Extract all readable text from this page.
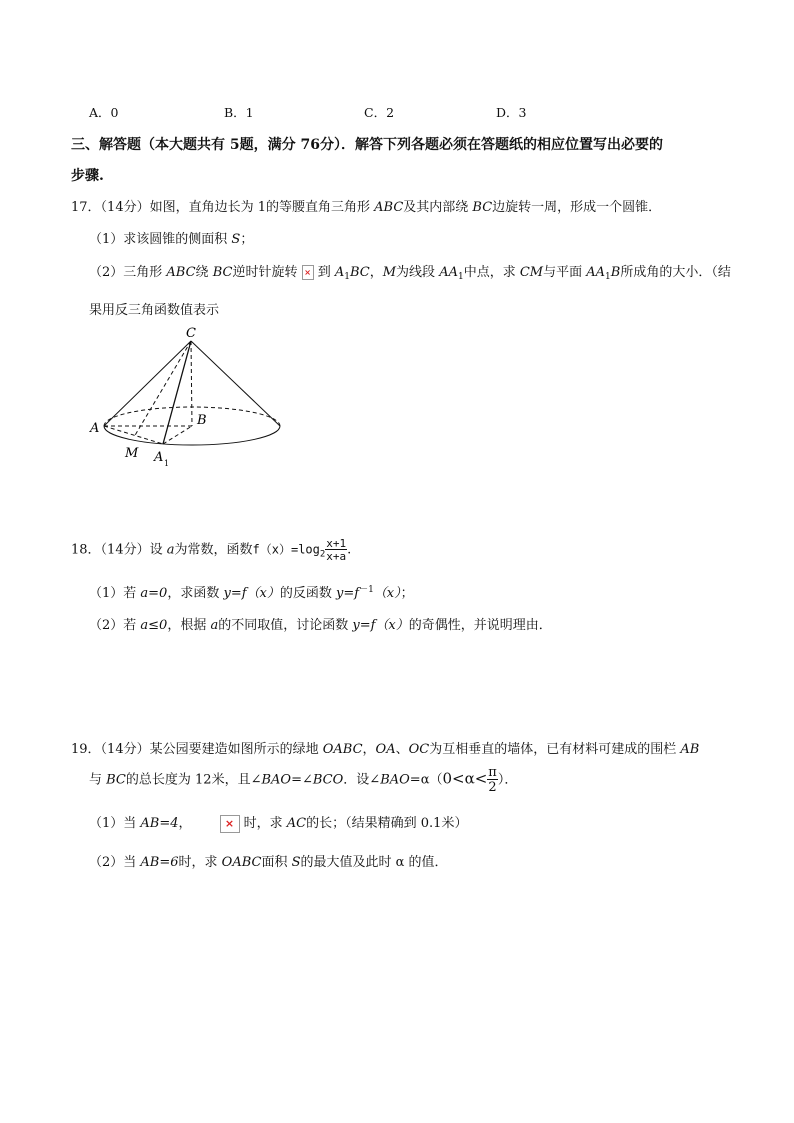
A．0	B．1	C．2	D．3
三、解答题（本大题共有 5题，满分 76分）．解答下列各题必须在答题纸的相应位置写出必要的
步骤.
17．（14分）如图，直角边长为 1的等腰直角三角形 ABC及其内部绕 BC边旋转一周，形成一个圆锥．
（1）求该圆锥的侧面积 S；
（2）三角形 ABC绕 BC逆时针旋转 × 到 $A_1BC$，M为线段 $AA_1$中点，求 CM与平面 $AA_1B$所成角的大小．（结
果用反三角函数值表示
C
B
A
M A 1
18．（14分）设 a为常数，函数$f(x)=\log_2 \frac{x+1}{x+a}$ .
（1）若 a=0，求函数 y=f（x）的反函数 $y=f^{-1}(x)$；
（2）若 a≤0，根据 a的不同取值，讨论函数 y=f（x）的奇偶性，并说明理由．
19．（14分）某公园要建造如图所示的绿地 OABC，OA、OC为互相垂直的墙体，已有材料可建成的围栏 AB
与 BC的总长度为 12米，且∠BAO=∠BCO．设∠BAO=α（0<α< $\frac{\pi}{2}$ ）．
（1）当 AB=4，	× 时，求 AC的长；（结果精确到 0.1米）
（2）当 AB=6时，求 OABC面积 S的最大值及此时 α 的值．
